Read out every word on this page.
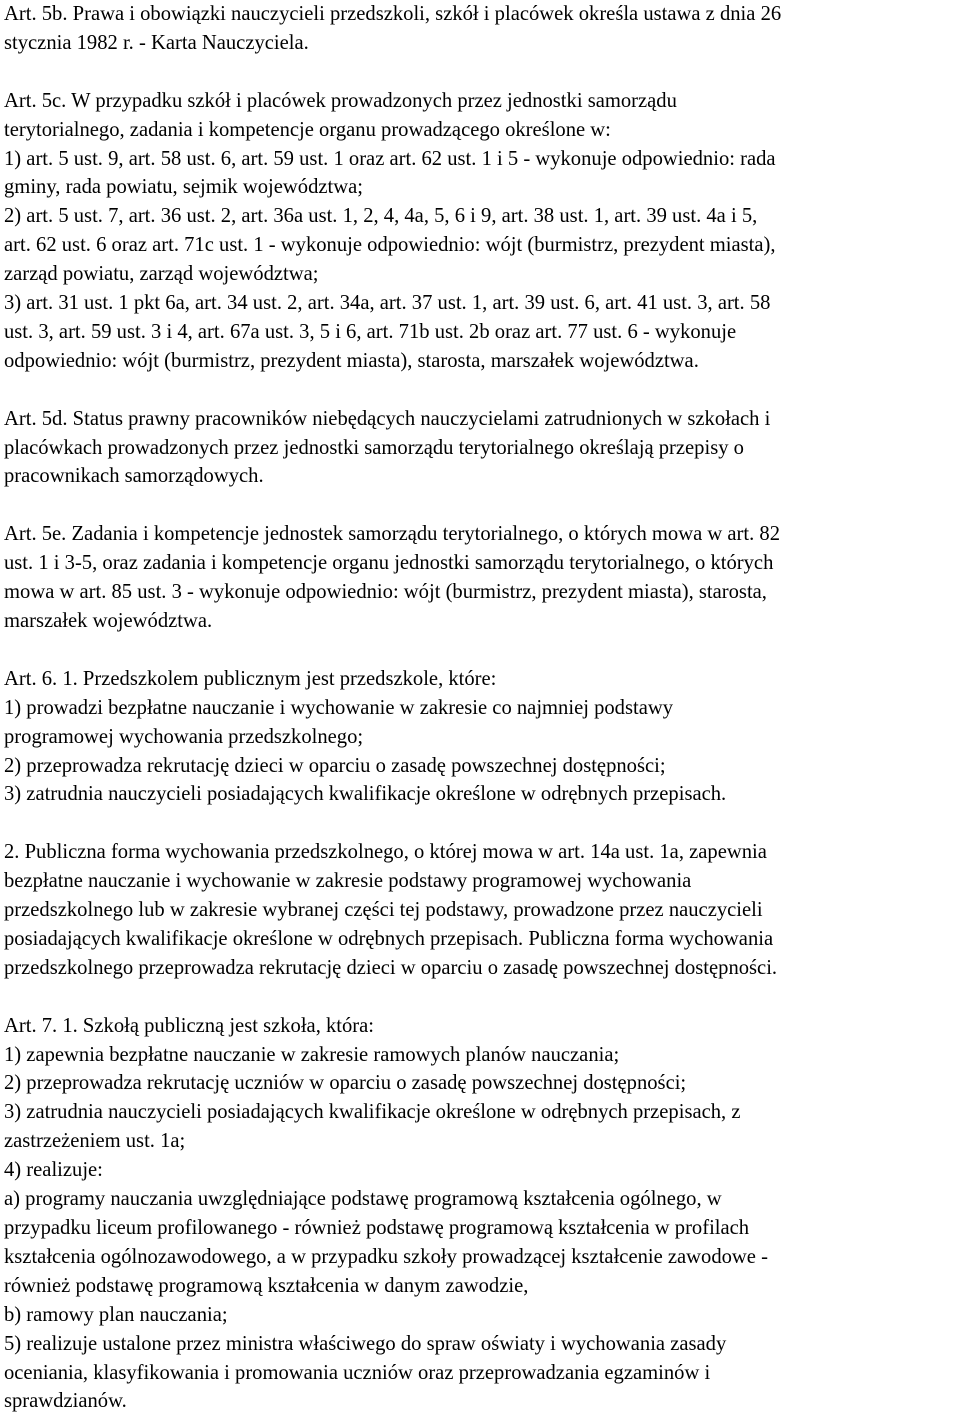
Art. 5b. Prawa i obowiązki nauczycieli przedszkoli, szkół i placówek określa ustawa z dnia 26
stycznia 1982 r. - Karta Nauczyciela.
Art. 5c. W przypadku szkół i placówek prowadzonych przez jednostki samorządu
terytorialnego, zadania i kompetencje organu prowadzącego określone w:
1) art. 5 ust. 9, art. 58 ust. 6, art. 59 ust. 1 oraz art. 62 ust. 1 i 5 - wykonuje odpowiednio: rada
gminy, rada powiatu, sejmik województwa;
2) art. 5 ust. 7, art. 36 ust. 2, art. 36a ust. 1, 2, 4, 4a, 5, 6 i 9, art. 38 ust. 1, art. 39 ust. 4a i 5,
art. 62 ust. 6 oraz art. 71c ust. 1 - wykonuje odpowiednio: wójt (burmistrz, prezydent miasta),
zarząd powiatu, zarząd województwa;
3) art. 31 ust. 1 pkt 6a, art. 34 ust. 2, art. 34a, art. 37 ust. 1, art. 39 ust. 6, art. 41 ust. 3, art. 58
ust. 3, art. 59 ust. 3 i 4, art. 67a ust. 3, 5 i 6, art. 71b ust. 2b oraz art. 77 ust. 6 - wykonuje
odpowiednio: wójt (burmistrz, prezydent miasta), starosta, marszałek województwa.
Art. 5d. Status prawny pracowników niebędących nauczycielami zatrudnionych w szkołach i
placówkach prowadzonych przez jednostki samorządu terytorialnego określają przepisy o
pracownikach samorządowych.
Art. 5e. Zadania i kompetencje jednostek samorządu terytorialnego, o których mowa w art. 82
ust. 1 i 3-5, oraz zadania i kompetencje organu jednostki samorządu terytorialnego, o których
mowa w art. 85 ust. 3 - wykonuje odpowiednio: wójt (burmistrz, prezydent miasta), starosta,
marszałek województwa.
Art. 6. 1. Przedszkolem publicznym jest przedszkole, które:
1) prowadzi bezpłatne nauczanie i wychowanie w zakresie co najmniej podstawy
programowej wychowania przedszkolnego;
2) przeprowadza rekrutację dzieci w oparciu o zasadę powszechnej dostępności;
3) zatrudnia nauczycieli posiadających kwalifikacje określone w odrębnych przepisach.
2. Publiczna forma wychowania przedszkolnego, o której mowa w art. 14a ust. 1a, zapewnia
bezpłatne nauczanie i wychowanie w zakresie podstawy programowej wychowania
przedszkolnego lub w zakresie wybranej części tej podstawy, prowadzone przez nauczycieli
posiadających kwalifikacje określone w odrębnych przepisach. Publiczna forma wychowania
przedszkolnego przeprowadza rekrutację dzieci w oparciu o zasadę powszechnej dostępności.
Art. 7. 1. Szkołą publiczną jest szkoła, która:
1) zapewnia bezpłatne nauczanie w zakresie ramowych planów nauczania;
2) przeprowadza rekrutację uczniów w oparciu o zasadę powszechnej dostępności;
3) zatrudnia nauczycieli posiadających kwalifikacje określone w odrębnych przepisach, z
zastrzeżeniem ust. 1a;
4) realizuje:
a) programy nauczania uwzględniające podstawę programową kształcenia ogólnego, w
przypadku liceum profilowanego - również podstawę programową kształcenia w profilach
kształcenia ogólnozawodowego, a w przypadku szkoły prowadzącej kształcenie zawodowe -
również podstawę programową kształcenia w danym zawodzie,
b) ramowy plan nauczania;
5) realizuje ustalone przez ministra właściwego do spraw oświaty i wychowania zasady
oceniania, klasyfikowania i promowania uczniów oraz przeprowadzania egzaminów i
sprawdzianów.
